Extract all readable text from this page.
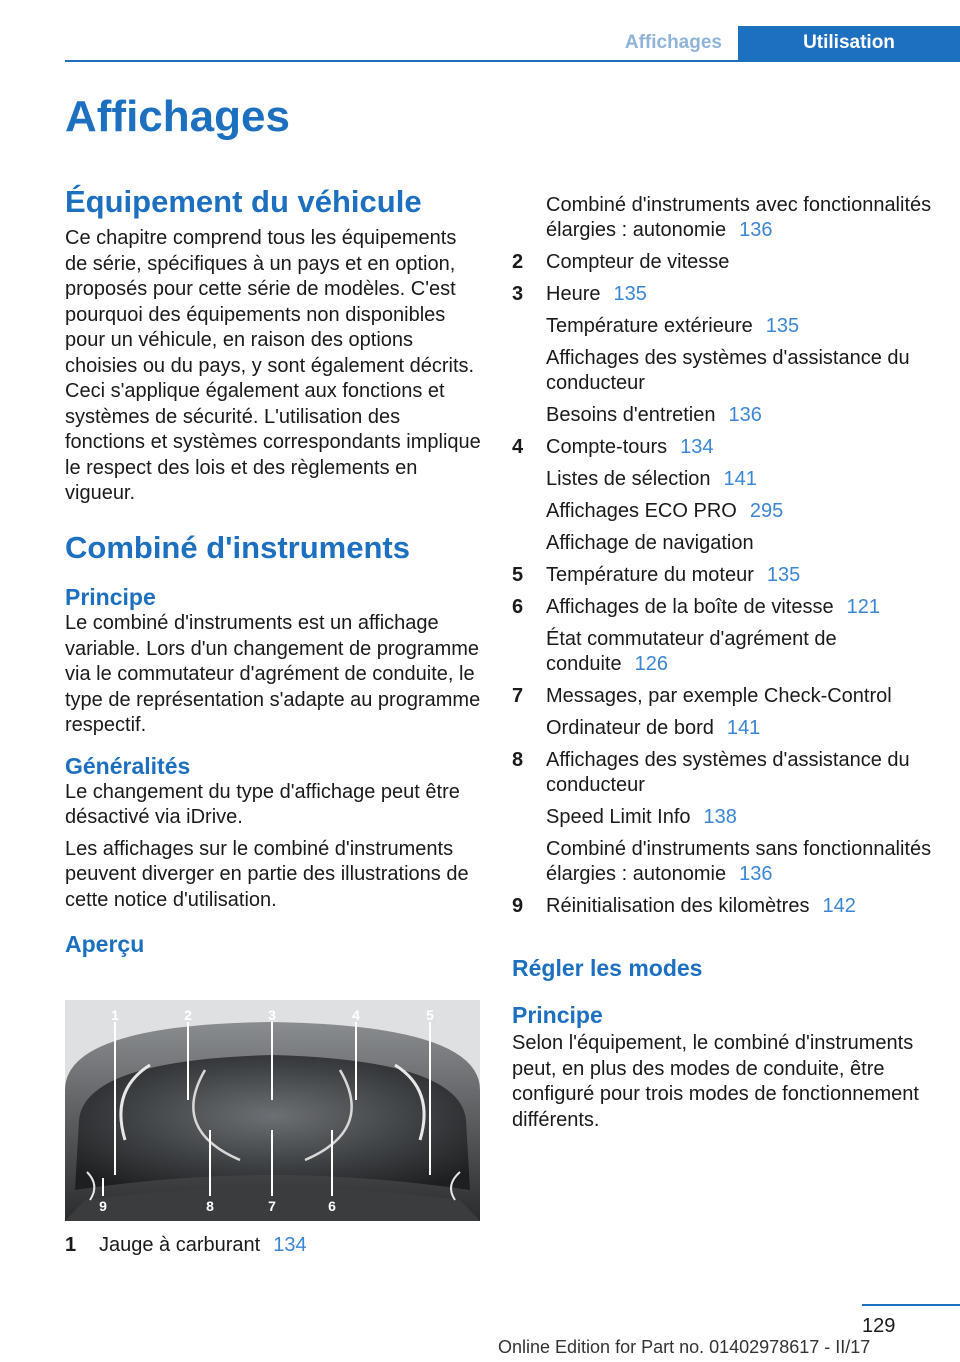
Affichages	Utilisation
Affichages
Équipement du véhicule

Ce chapitre comprend tous les équipements de série, spécifiques à un pays et en option, proposés pour cette série de modèles. C'est pourquoi des équipements non disponibles pour un véhicule, en raison des options choisies ou du pays, y sont également décrits. Ceci s'applique également aux fonctions et systèmes de sécurité. L'utilisation des fonctions et systèmes correspondants implique le respect des lois et des règlements en vigueur.

Combiné d'instruments
Principe

Le combiné d'instruments est un affichage variable. Lors d'un changement de programme via le commutateur d'agrément de conduite, le type de représentation s'adapte au programme respectif.

Généralités

Le changement du type d'affichage peut être désactivé via iDrive.

Les affichages sur le combiné d'instruments peuvent diverger en partie des illustrations de cette notice d'utilisation.

Aperçu
1	2	3	4	5
9	8	7	6
1	Jauge à carburant 134
Combiné d'instruments avec fonctionnalités élargies : autonomie 136
2	Compteur de vitesse
3	Heure 135
Température extérieure 135
Affichages des systèmes d'assistance du conducteur
Besoins d'entretien 136
4	Compte-tours 134
Listes de sélection 141
Affichages ECO PRO 295
Affichage de navigation
5	Température du moteur 135
6	Affichages de la boîte de vitesse 121
État commutateur d'agrément de conduite 126
7	Messages, par exemple Check-Control
Ordinateur de bord 141
8	Affichages des systèmes d'assistance du conducteur
Speed Limit Info 138
Combiné d'instruments sans fonctionnalités élargies : autonomie 136
9	Réinitialisation des kilomètres 142
Régler les modes
Principe

Selon l'équipement, le combiné d'instruments peut, en plus des modes de conduite, être configuré pour trois modes de fonctionnement différents.

129
Online Edition for Part no. 01402978617 - II/17
